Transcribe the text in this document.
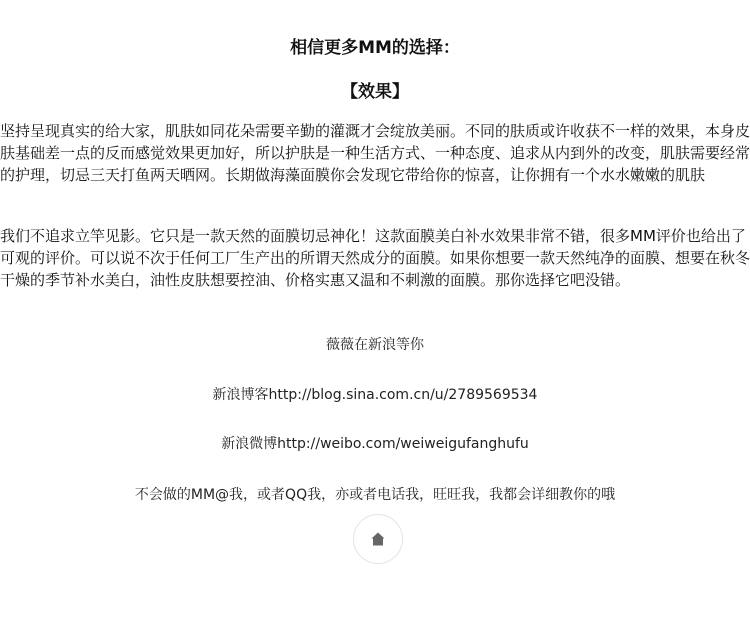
相信更多MM的选择：
【效果】

坚持呈现真实的给大家，肌肤如同花朵需要辛勤的灌溉才会绽放美丽。不同的肤质或许收获不一样的效果，本身皮肤基础差一点的反而感觉效果更加好，所以护肤是一种生活方式、一种态度、追求从内到外的改变，肌肤需要经常的护理，切忌三天打鱼两天晒网。长期做海藻面膜你会发现它带给你的惊喜，让你拥有一个水水嫩嫩的肌肤

我们不追求立竿见影。它只是一款天然的面膜切忌神化！这款面膜美白补水效果非常不错，很多MM评价也给出了可观的评价。可以说不次于任何工厂生产出的所谓天然成分的面膜。如果你想要一款天然纯净的面膜、想要在秋冬干燥的季节补水美白，油性皮肤想要控油、价格实惠又温和不刺激的面膜。那你选择它吧没错。

薇薇在新浪等你

新浪博客http://blog.sina.com.cn/u/2789569534

新浪微博http://weibo.com/weiweigufanghufu

不会做的MM@我，或者QQ我，亦或者电话我，旺旺我，我都会详细教你的哦
